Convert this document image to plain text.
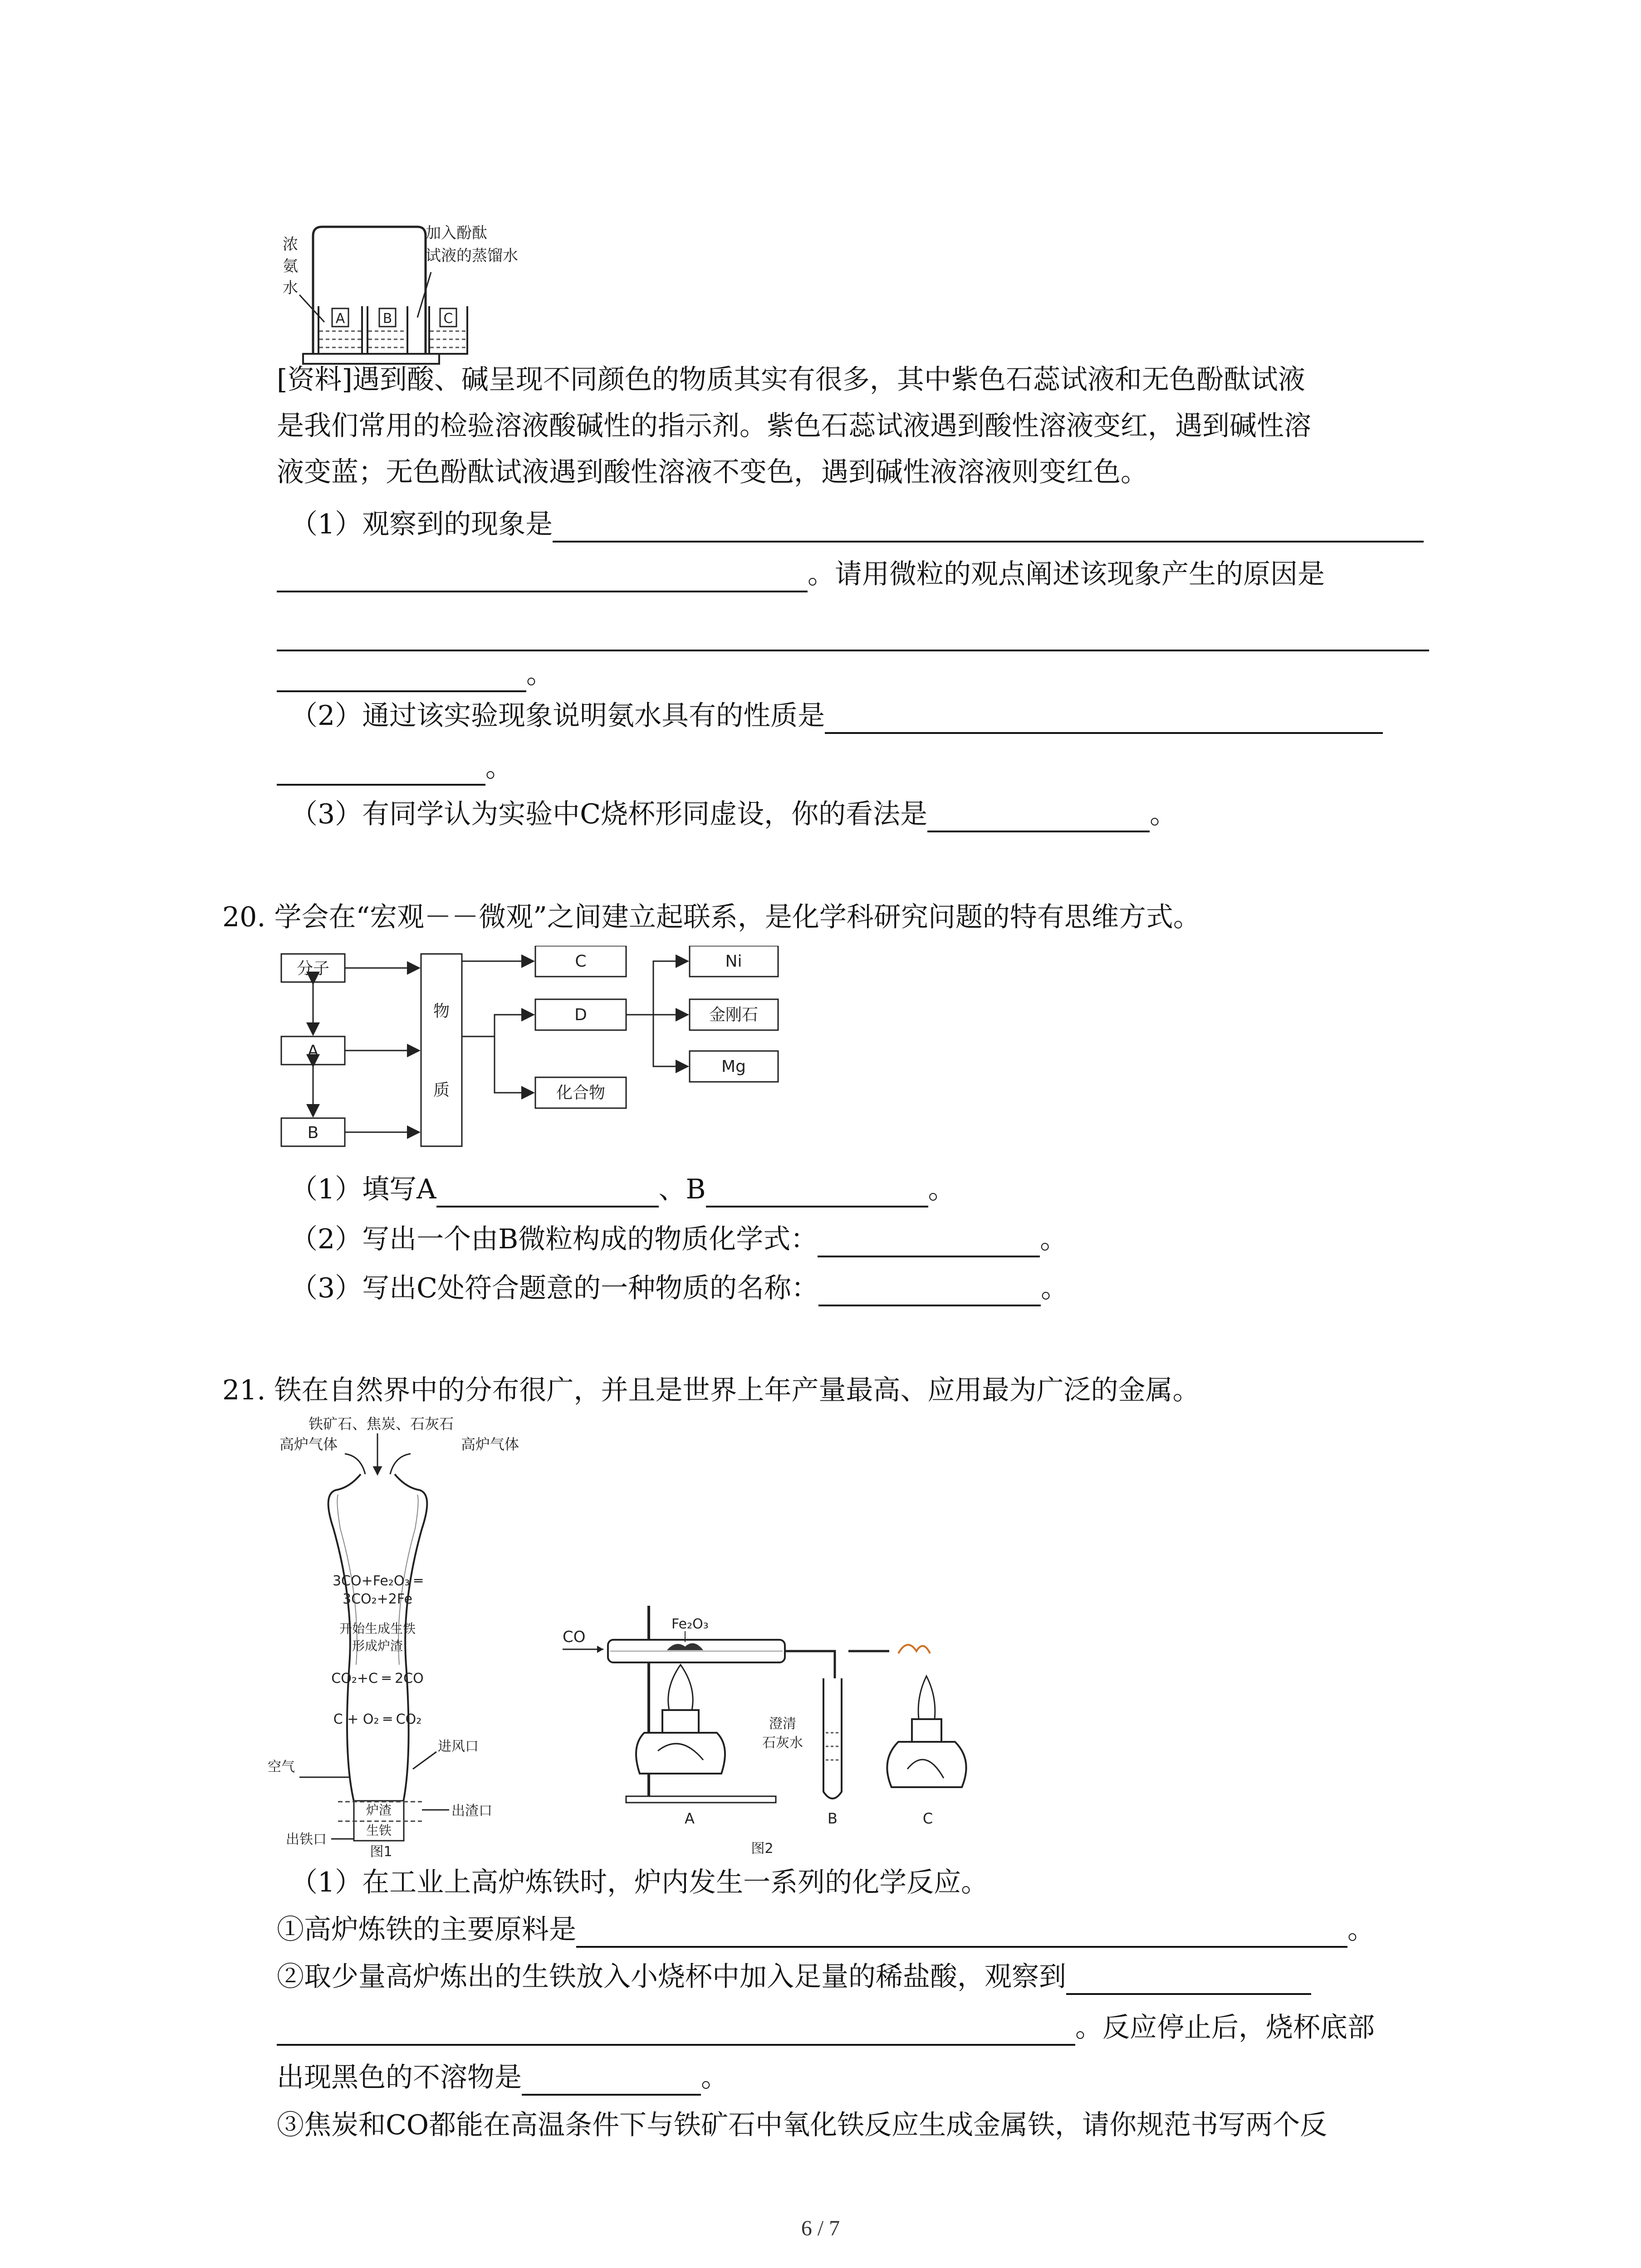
A	B	C
浓
氨
水
加入酚酞
试液的蒸馏水
[资料]遇到酸、碱呈现不同颜色的物质其实有很多，其中紫色石蕊试液和无色酚酞试液
是我们常用的检验溶液酸碱性的指示剂。紫色石蕊试液遇到酸性溶液变红，遇到碱性溶
液变蓝；无色酚酞试液遇到酸性溶液不变色，遇到碱性液溶液则变红色。
（1）观察到的现象是
。请用微粒的观点阐述该现象产生的原因是
。
（2）通过该实验现象说明氨水具有的性质是
。
（3）有同学认为实验中C烧杯形同虚设，你的看法是	。
20. 学会在“宏观－－微观”之间建立起联系，是化学科研究问题的特有思维方式。
分子
A
B
物
质
C
D
化合物
Ni
金刚石
Mg
（1）填写A	、B	。
（2）写出一个由B微粒构成的物质化学式：	。
（3）写出C处符合题意的一种物质的名称：	。
21. 铁在自然界中的分布很广，并且是世界上年产量最高、应用最为广泛的金属。
铁矿石、焦炭、石灰石
高炉气体	高炉气体
3CO+Fe₂O₃ ═
3CO₂+2Fe
开始生成生铁
形成炉渣
CO₂+C ═ 2CO
C + O₂ ═ CO₂
进风口
空气
炉渣
生铁
出渣口
出铁口
图1
CO
Fe₂O₃
澄清
石灰水
A	B	C
图2
（1）在工业上高炉炼铁时，炉内发生一系列的化学反应。
①高炉炼铁的主要原料是	。
②取少量高炉炼出的生铁放入小烧杯中加入足量的稀盐酸，观察到
。反应停止后，烧杯底部
出现黑色的不溶物是	。
③焦炭和CO都能在高温条件下与铁矿石中氧化铁反应生成金属铁，请你规范书写两个反
6 / 7
